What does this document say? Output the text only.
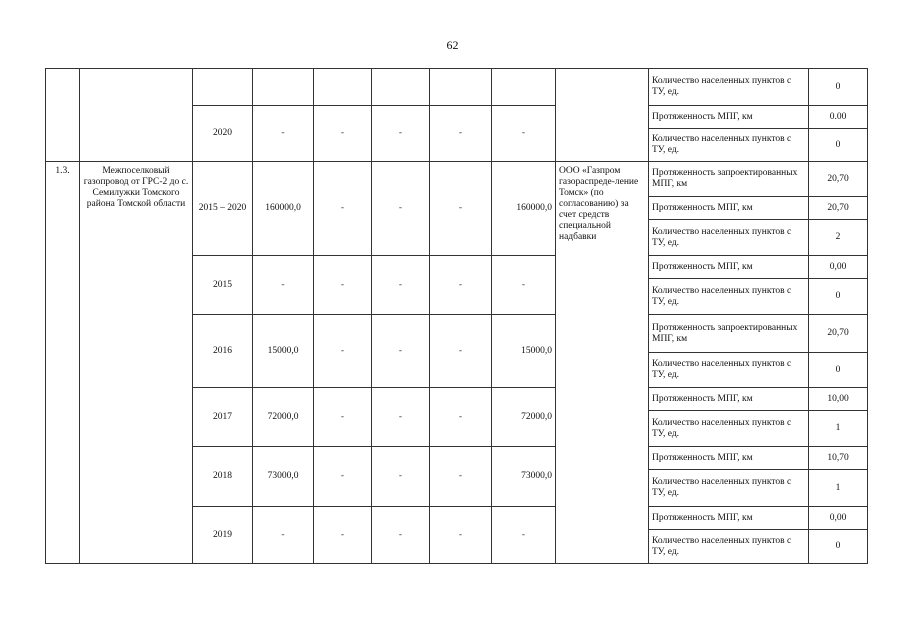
62
									Количество населенных пунктов с ТУ, ед.	0
		2020	-	-	-	-	-		Протяженность МПГ, км	0.00
									Количество населенных пунктов с ТУ, ед.	0
1.3.	Межпоселковый газопровод от ГРС-2 до с. Семилужки Томского района Томской области	2015 – 2020	160000,0	-	-	-	160000,0	ООО «Газпром газораспреде-ление Томск» (по согласованию) за счет средств специальной надбавки	Протяженность запроектированных МПГ, км	20,70
									Протяженность МПГ, км	20,70
									Количество населенных пунктов с ТУ, ед.	2
		2015	-	-	-	-	-		Протяженность МПГ, км	0,00
									Количество населенных пунктов с ТУ, ед.	0
		2016	15000,0	-	-	-	15000,0		Протяженность запроектированных МПГ, км	20,70
									Количество населенных пунктов с ТУ, ед.	0
		2017	72000,0	-	-	-	72000,0		Протяженность МПГ, км	10,00
									Количество населенных пунктов с ТУ, ед.	1
		2018	73000,0	-	-	-	73000,0		Протяженность МПГ, км	10,70
									Количество населенных пунктов с ТУ, ед.	1
		2019	-	-	-	-	-		Протяженность МПГ, км	0,00
									Количество населенных пунктов с ТУ, ед.	0
